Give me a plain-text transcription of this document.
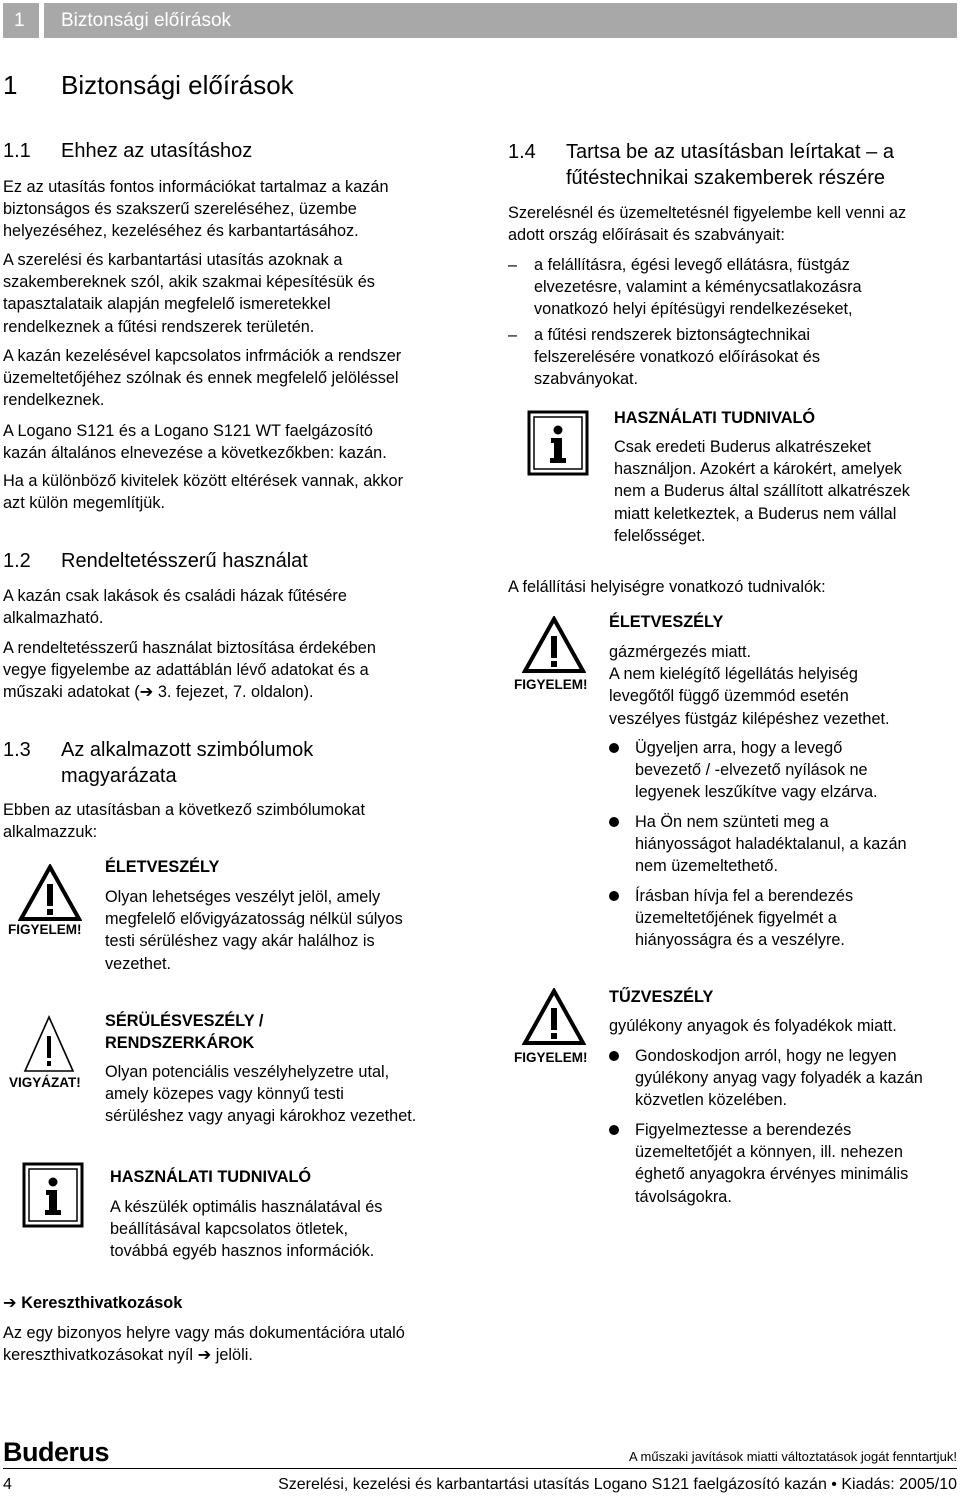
1	Biztonsági előírások
1 Biztonsági előírások
1.1 Ehhez az utasításhoz
Ez az utasítás fontos információkat tartalmaz a kazán
biztonságos és szakszerű szereléséhez, üzembe
helyezéséhez, kezeléséhez és karbantartásához.
A szerelési és karbantartási utasítás azoknak a
szakembereknek szól, akik szakmai képesítésük és
tapasztalataik alapján megfelelő ismeretekkel
rendelkeznek a fűtési rendszerek területén.
A kazán kezelésével kapcsolatos infrmációk a rendszer
üzemeltetőjéhez szólnak és ennek megfelelő jelöléssel
rendelkeznek.
A Logano S121 és a Logano S121 WT faelgázosító
kazán általános elnevezése a következőkben: kazán.
Ha a különböző kivitelek között eltérések vannak, akkor
azt külön megemlítjük.
1.2 Rendeltetésszerű használat
A kazán csak lakások és családi házak fűtésére
alkalmazható.
A rendeltetésszerű használat biztosítása érdekében
vegye figyelembe az adattáblán lévő adatokat és a
műszaki adatokat (➔ 3. fejezet, 7. oldalon).
1.3 Az alkalmazott szimbólumok
magyarázata
Ebben az utasításban a következő szimbólumokat
alkalmazzuk:
FIGYELEM!
ÉLETVESZÉLY
Olyan lehetséges veszélyt jelöl, amely
megfelelő elővigyázatosság nélkül súlyos
testi sérüléshez vagy akár halálhoz is
vezethet.
VIGYÁZAT!
SÉRÜLÉSVESZÉLY /
RENDSZERKÁROK
Olyan potenciális veszélyhelyzetre utal,
amely közepes vagy könnyű testi
sérüléshez vagy anyagi károkhoz vezethet.
HASZNÁLATI TUDNIVALÓ
A készülék optimális használatával és
beállításával kapcsolatos ötletek,
továbbá egyéb hasznos információk.
➔ Kereszthivatkozások
Az egy bizonyos helyre vagy más dokumentációra utaló
kereszthivatkozásokat nyíl ➔ jelöli.
1.4 Tartsa be az utasításban leírtakat – a
fűtéstechnikai szakemberek részére
Szerelésnél és üzemeltetésnél figyelembe kell venni az
adott ország előírásait és szabványait:
– a felállításra, égési levegő ellátásra, füstgáz
elvezetésre, valamint a kéménycsatlakozásra
vonatkozó helyi építésügyi rendelkezéseket,
– a fűtési rendszerek biztonságtechnikai
felszerelésére vonatkozó előírásokat és
szabványokat.
HASZNÁLATI TUDNIVALÓ
Csak eredeti Buderus alkatrészeket
használjon. Azokért a károkért, amelyek
nem a Buderus által szállított alkatrészek
miatt keletkeztek, a Buderus nem vállal
felelősséget.
A felállítási helyiségre vonatkozó tudnivalók:
FIGYELEM!
ÉLETVESZÉLY
gázmérgezés miatt.
A nem kielégítő légellátás helyiség
levegőtől függő üzemmód esetén
veszélyes füstgáz kilépéshez vezethet.
Ügyeljen arra, hogy a levegő
bevezető / -elvezető nyílások ne
legyenek leszűkítve vagy elzárva.
Ha Ön nem szünteti meg a
hiányosságot haladéktalanul, a kazán
nem üzemeltethető.
Írásban hívja fel a berendezés
üzemeltetőjének figyelmét a
hiányosságra és a veszélyre.
FIGYELEM!
TŰZVESZÉLY
gyúlékony anyagok és folyadékok miatt.
Gondoskodjon arról, hogy ne legyen
gyúlékony anyag vagy folyadék a kazán
közvetlen közelében.
Figyelmeztesse a berendezés
üzemeltetőjét a könnyen, ill. nehezen
éghető anyagokra érvényes minimális
távolságokra.
Buderus	A műszaki javítások miatti változtatások jogát fenntartjuk!
4	Szerelési, kezelési és karbantartási utasítás Logano S121 faelgázosító kazán • Kiadás: 2005/10
